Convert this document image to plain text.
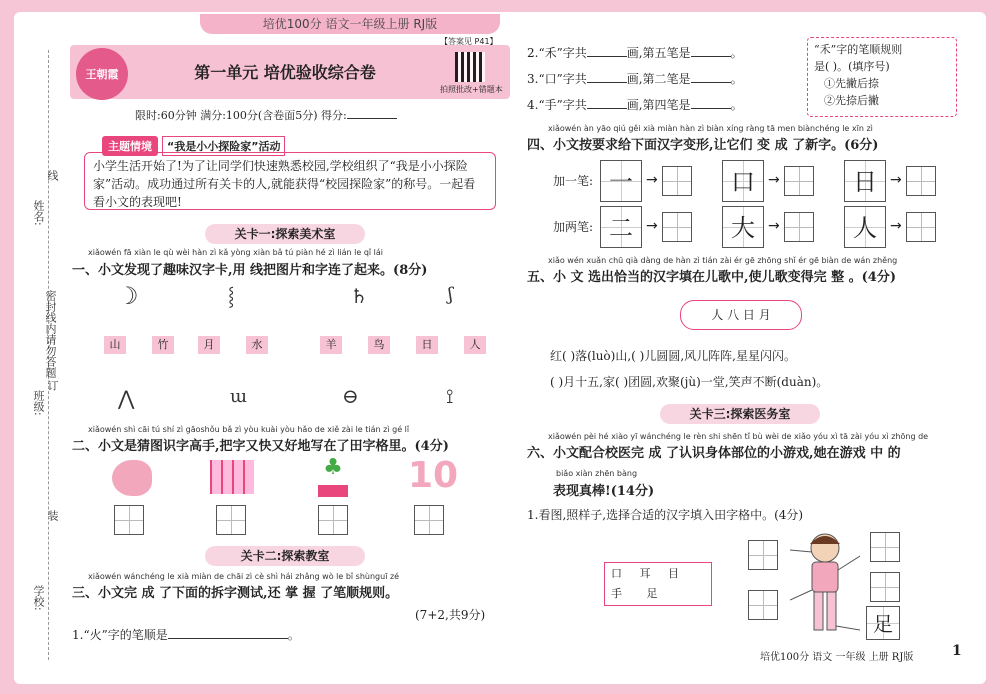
培优100分 语文一年级上册 RJ版
姓名:
密封线内请勿答题
班级:
学校:
线
订
装
王朝霞	第一单元 培优验收综合卷
【答案见 P41】
拍照批改+错题本
限时:60分钟 满分:100分(含卷面5分) 得分:
主题情境	“我是小小探险家”活动
小学生活开始了!为了让同学们快速熟悉校园,学校组织了“我是小小探险家”活动。成功通过所有关卡的人,就能获得“校园探险家”的称号。一起看看小文的表现吧!
关卡一:探索美术室
xiǎowén fā xiàn le qù wèi hàn zì kǎ yòng xiàn bǎ tú piàn hé zì lián le qǐ lái
一、小文发现了趣味汉字卡,用 线把图片和字连了起来。(8分)
☽	⸾	♄	ʃ
山	竹	月	水	羊	鸟	日	人
⋀	ɯ	⊖	⟟
xiǎowén shì cāi tú shí zì gāoshǒu bǎ zì yòu kuài yòu hǎo de xiě zài le tián zì gé lǐ
二、小文是猜图识字高手,把字又快又好地写在了田字格里。(4分)
♣ 10
关卡二:探索教室
xiǎowén wánchéng le xià miàn de chāi zì cè shì hái zhǎng wò le bǐ shùnguī zé
三、小文完 成 了下面的拆字测试,还 掌 握 了笔顺规则。
(7+2,共9分)
1.“火”字的笔顺是	。
2.“禾”字共	画,第五笔是	。
3.“口”字共	画,第二笔是	。
4.“手”字共	画,第四笔是	。
“禾”字的笔顺规则
是( )。(填序号)
①先撇后捺
②先捺后撇
xiǎowén àn yāo qiú gěi xià miàn hàn zì biàn xíng ràng tā men biànchéng le xīn zì
四、小文按要求给下面汉字变形,让它们 变 成 了新字。(6分)
加一笔: 一 →	口 →	日 →
加两笔: 二 →	大 →	人 →
xiǎo wén xuǎn chū qià dàng de hàn zì tián zài ér gē zhōng shǐ ér gē biàn de wán zhěng
五、小 文 选出恰当的汉字填在儿歌中,使儿歌变得完 整 。(4分)
人 八 日 月
红( )落(luò)山,( )儿圆圆,风儿阵阵,星星闪闪。
( )月十五,家( )团圆,欢聚(jù)一堂,笑声不断(duàn)。
关卡三:探索医务室
xiǎowén pèi hé xiào yī wánchéng le rèn shi shēn tǐ bù wèi de xiǎo yóu xì tā zài yóu xì zhōng de
六、小文配合校医完 成 了认识身体部位的小游戏,她在游戏 中 的
biǎo xiàn zhēn bàng
表现真棒!(14分)
1.看图,照样子,选择合适的汉字填入田字格中。(4分)
口 耳 目
手 足
足
培优100分 语文 一年级 上册 RJ版	1
